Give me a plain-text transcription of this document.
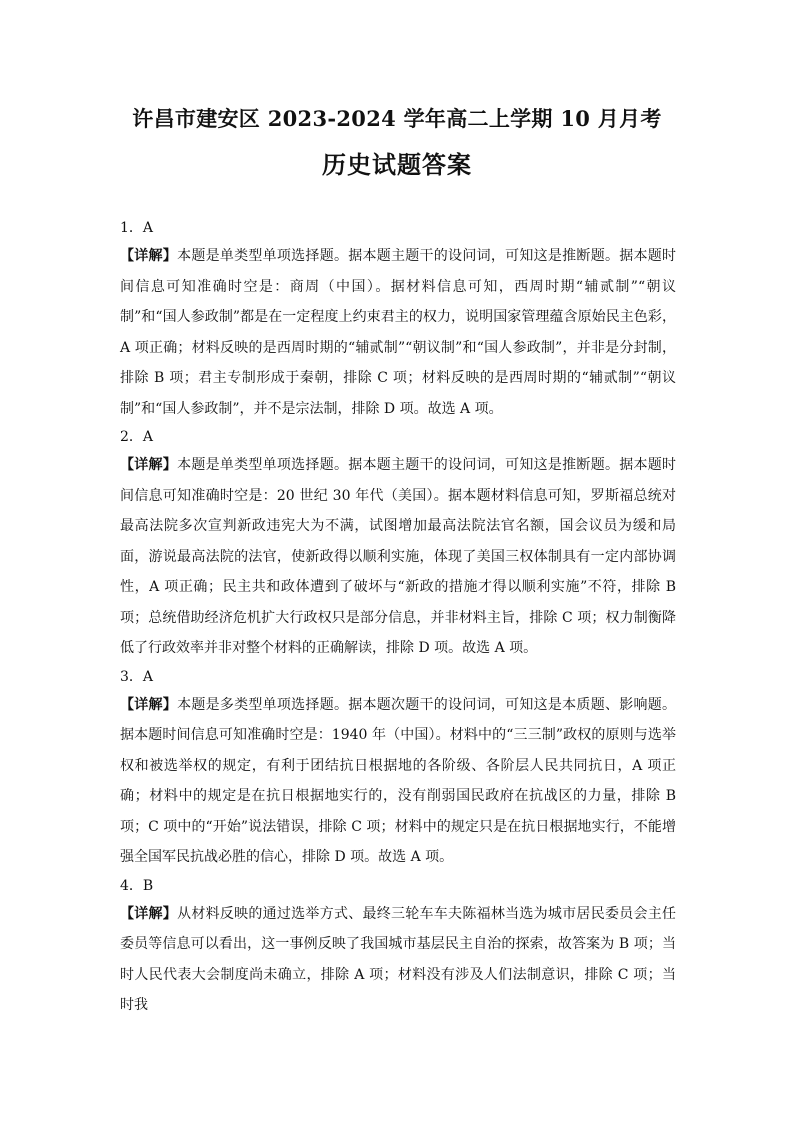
许昌市建安区 2023-2024 学年高二上学期 10 月月考
历史试题答案

1．A

【详解】本题是单类型单项选择题。据本题主题干的设问词，可知这是推断题。据本题时间信息可知准确时空是：商周（中国）。据材料信息可知，西周时期“辅贰制”“朝议制”和“国人参政制”都是在一定程度上约束君主的权力，说明国家管理蕴含原始民主色彩，A 项正确；材料反映的是西周时期的“辅贰制”“朝议制”和“国人参政制”，并非是分封制，排除 B 项；君主专制形成于秦朝，排除 C 项；材料反映的是西周时期的“辅贰制”“朝议制”和“国人参政制”，并不是宗法制，排除 D 项。故选 A 项。

2．A

【详解】本题是单类型单项选择题。据本题主题干的设问词，可知这是推断题。据本题时间信息可知准确时空是：20 世纪 30 年代（美国）。据本题材料信息可知，罗斯福总统对最高法院多次宣判新政违宪大为不满，试图增加最高法院法官名额，国会议员为缓和局面，游说最高法院的法官，使新政得以顺利实施，体现了美国三权体制具有一定内部协调性，A 项正确；民主共和政体遭到了破坏与“新政的措施才得以顺利实施”不符，排除 B 项；总统借助经济危机扩大行政权只是部分信息，并非材料主旨，排除 C 项；权力制衡降低了行政效率并非对整个材料的正确解读，排除 D 项。故选 A 项。

3．A

【详解】本题是多类型单项选择题。据本题次题干的设问词，可知这是本质题、影响题。据本题时间信息可知准确时空是：1940 年（中国）。材料中的“三三制”政权的原则与选举权和被选举权的规定，有利于团结抗日根据地的各阶级、各阶层人民共同抗日，A 项正确；材料中的规定是在抗日根据地实行的，没有削弱国民政府在抗战区的力量，排除 B 项；C 项中的“开始”说法错误，排除 C 项；材料中的规定只是在抗日根据地实行，不能增强全国军民抗战必胜的信心，排除 D 项。故选 A 项。

4．B

【详解】从材料反映的通过选举方式、最终三轮车车夫陈福林当选为城市居民委员会主任委员等信息可以看出，这一事例反映了我国城市基层民主自治的探索，故答案为 B 项；当时人民代表大会制度尚未确立，排除 A 项；材料没有涉及人们法制意识，排除 C 项；当时我
